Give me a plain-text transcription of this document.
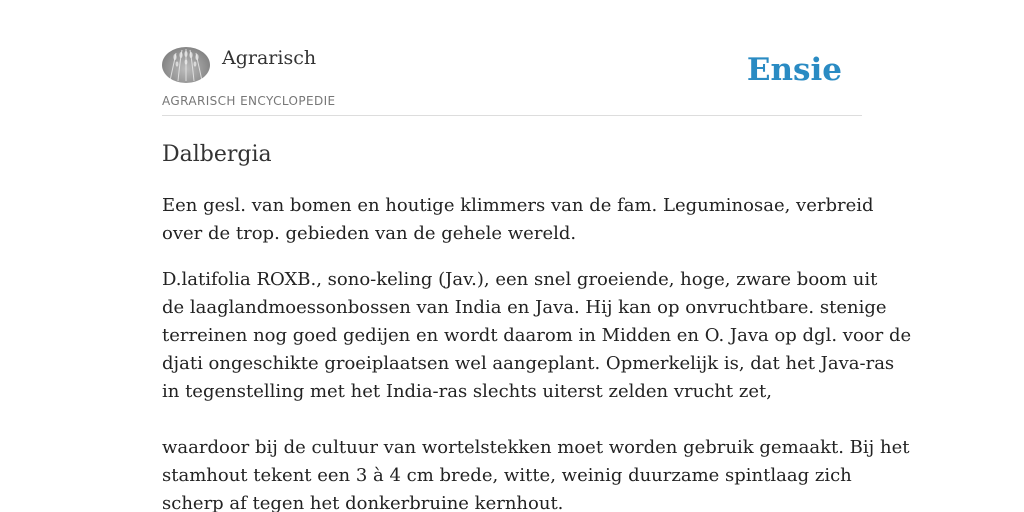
Agrarisch
AGRARISCH ENCYCLOPEDIE
Ensie
Dalbergia

Een gesl. van bomen en houtige klimmers van de fam. Leguminosae, verbreid
over de trop. gebieden van de gehele wereld.

D.latifolia ROXB., sono-keling (Jav.), een snel groeiende, hoge, zware boom uit
de laaglandmoessonbossen van India en Java. Hij kan op onvruchtbare. stenige
terreinen nog goed gedijen en wordt daarom in Midden en O. Java op dgl. voor de
djati ongeschikte groeiplaatsen wel aangeplant. Opmerkelijk is, dat het Java-ras
in tegenstelling met het India-ras slechts uiterst zelden vrucht zet,

waardoor bij de cultuur van wortelstekken moet worden gebruik gemaakt. Bij het
stamhout tekent een 3 à 4 cm brede, witte, weinig duurzame spintlaag zich
scherp af tegen het donkerbruine kernhout.
